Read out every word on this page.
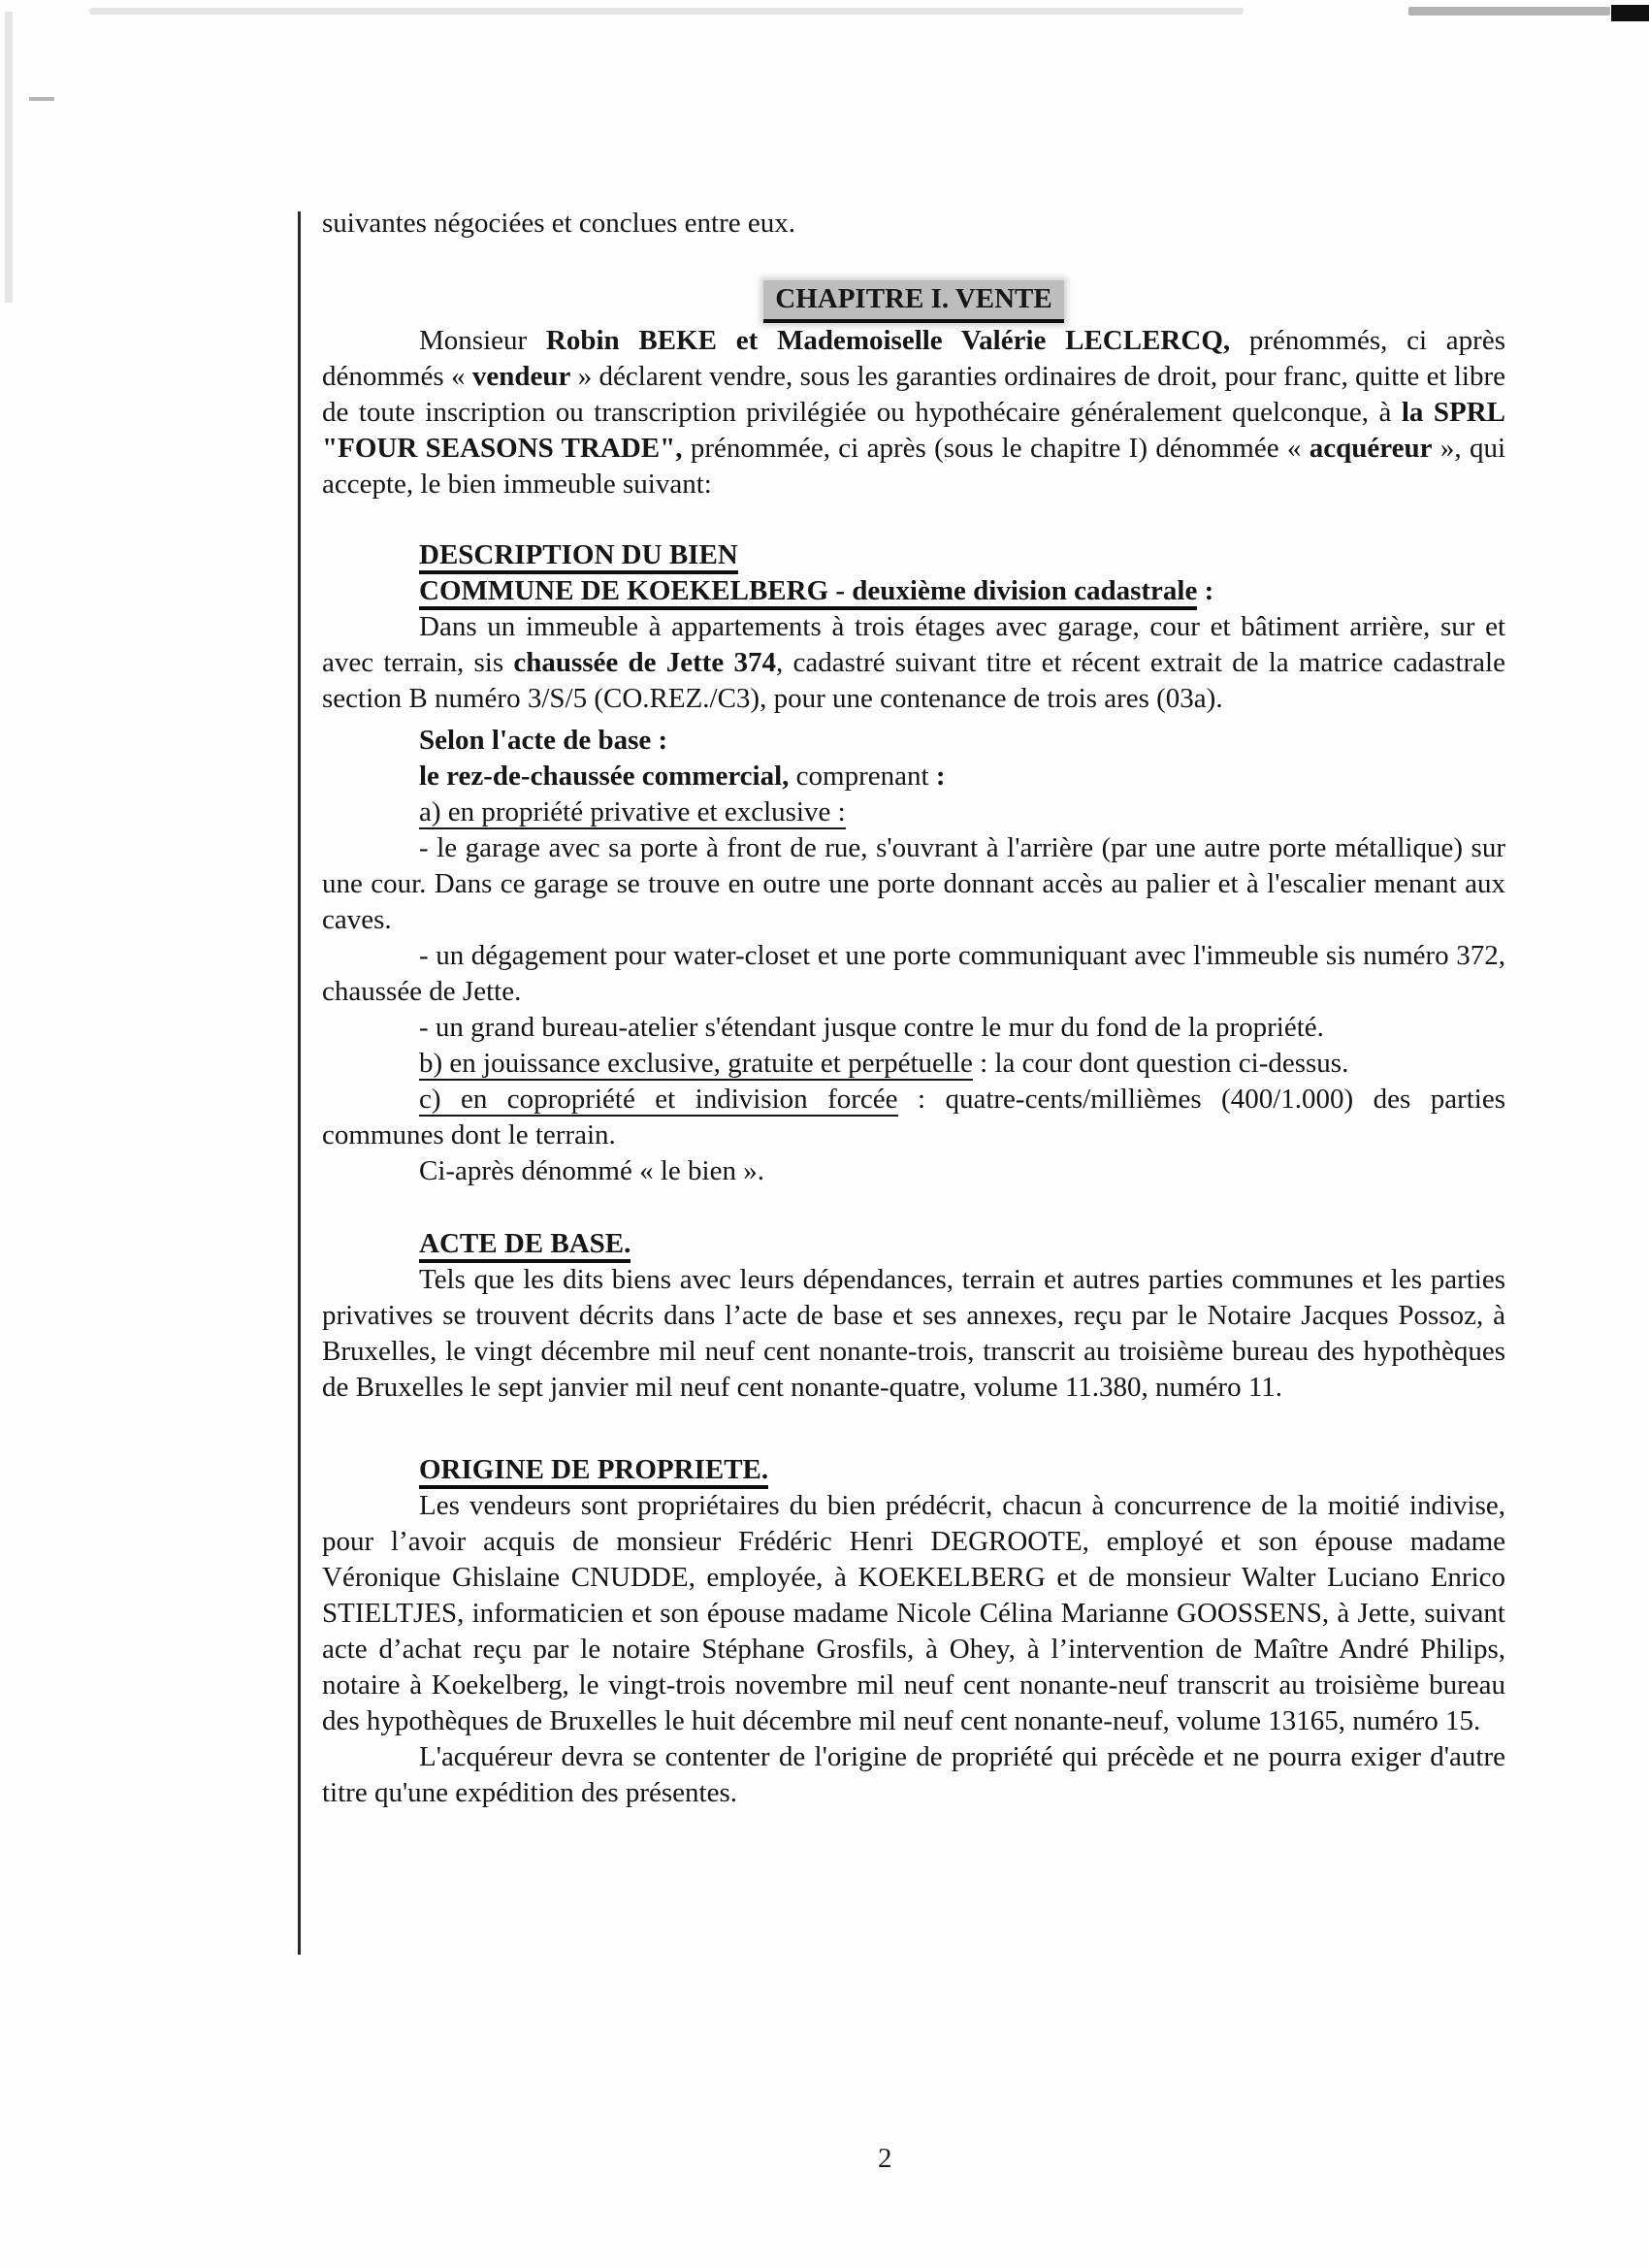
suivantes négociées et conclues entre eux.

CHAPITRE I. VENTE

Monsieur Robin BEKE et Mademoiselle Valérie LECLERCQ, prénommés, ci après dénommés « vendeur » déclarent vendre, sous les garanties ordinaires de droit, pour franc, quitte et libre de toute inscription ou transcription privilégiée ou hypothécaire généralement quelconque, à la SPRL "FOUR SEASONS TRADE", prénommée, ci après (sous le chapitre I) dénommée « acquéreur », qui accepte, le bien immeuble suivant:

DESCRIPTION DU BIEN
COMMUNE DE KOEKELBERG - deuxième division cadastrale :

Dans un immeuble à appartements à trois étages avec garage, cour et bâtiment arrière, sur et avec terrain, sis chaussée de Jette 374, cadastré suivant titre et récent extrait de la matrice cadastrale section B numéro 3/S/5 (CO.REZ./C3), pour une contenance de trois ares (03a).

Selon l'acte de base :

le rez-de-chaussée commercial, comprenant :

a) en propriété privative et exclusive :

- le garage avec sa porte à front de rue, s'ouvrant à l'arrière (par une autre porte métallique) sur une cour. Dans ce garage se trouve en outre une porte donnant accès au palier et à l'escalier menant aux caves.

- un dégagement pour water-closet et une porte communiquant avec l'immeuble sis numéro 372, chaussée de Jette.

- un grand bureau-atelier s'étendant jusque contre le mur du fond de la propriété.

b) en jouissance exclusive, gratuite et perpétuelle : la cour dont question ci-dessus.

c) en copropriété et indivision forcée : quatre-cents/millièmes (400/1.000) des parties communes dont le terrain.

Ci-après dénommé « le bien ».

ACTE DE BASE.

Tels que les dits biens avec leurs dépendances, terrain et autres parties communes et les parties privatives se trouvent décrits dans l’acte de base et ses annexes, reçu par le Notaire Jacques Possoz, à Bruxelles, le vingt décembre mil neuf cent nonante-trois, transcrit au troisième bureau des hypothèques de Bruxelles le sept janvier mil neuf cent nonante-quatre, volume 11.380, numéro 11.

ORIGINE DE PROPRIETE.

Les vendeurs sont propriétaires du bien prédécrit, chacun à concurrence de la moitié indivise, pour l’avoir acquis de monsieur Frédéric Henri DEGROOTE, employé et son épouse madame Véronique Ghislaine CNUDDE, employée, à KOEKELBERG et de monsieur Walter Luciano Enrico STIELTJES, informaticien et son épouse madame Nicole Célina Marianne GOOSSENS, à Jette, suivant acte d’achat reçu par le notaire Stéphane Grosfils, à Ohey, à l’intervention de Maître André Philips, notaire à Koekelberg, le vingt-trois novembre mil neuf cent nonante-neuf transcrit au troisième bureau des hypothèques de Bruxelles le huit décembre mil neuf cent nonante-neuf, volume 13165, numéro 15.

L'acquéreur devra se contenter de l'origine de propriété qui précède et ne pourra exiger d'autre titre qu'une expédition des présentes.

2
